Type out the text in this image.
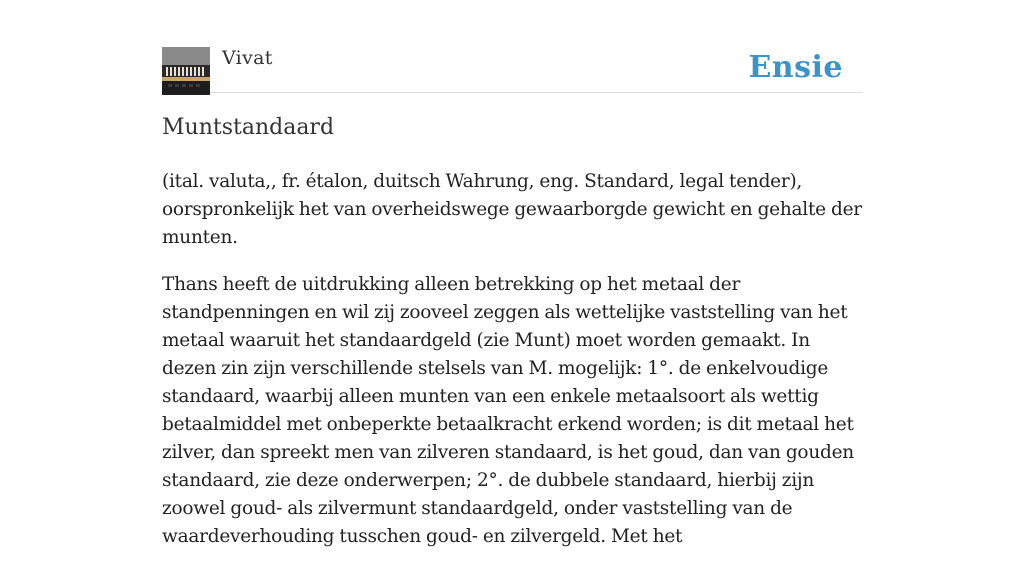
Vivat	Ensie
Muntstandaard

(ital. valuta,, fr. étalon, duitsch Wahrung, eng. Standard, legal tender), oorspronkelijk het van overheidswege gewaarborgde gewicht en gehalte der munten.

Thans heeft de uitdrukking alleen betrekking op het metaal der standpenningen en wil zij zooveel zeggen als wettelijke vaststelling van het metaal waaruit het standaardgeld (zie Munt) moet worden gemaakt. In dezen zin zijn verschillende stelsels van M. mogelijk: 1°. de enkelvoudige standaard, waarbij alleen munten van een enkele metaalsoort als wettig betaalmiddel met onbeperkte betaalkracht erkend worden; is dit metaal het zilver, dan spreekt men van zilveren standaard, is het goud, dan van gouden standaard, zie deze onderwerpen; 2°. de dubbele standaard, hierbij zijn zoowel goud- als zilvermunt standaardgeld, onder vaststelling van de waardeverhouding tusschen goud- en zilvergeld. Met het
